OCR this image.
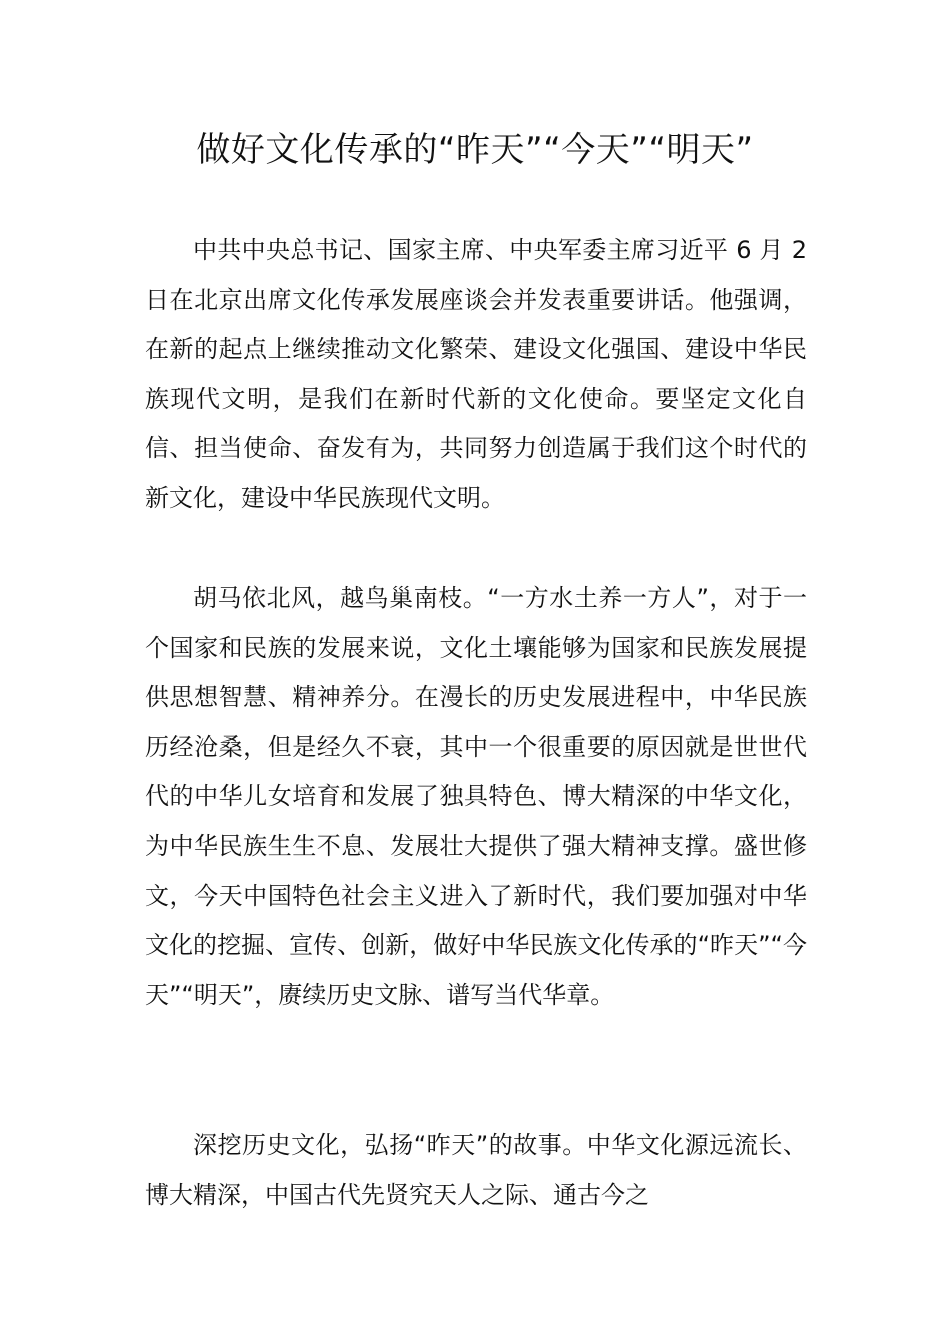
做好文化传承的“昨天”“今天”“明天”

中共中央总书记、国家主席、中央军委主席习近平 6 月 2 日在北京出席文化传承发展座谈会并发表重要讲话。他强调，在新的起点上继续推动文化繁荣、建设文化强国、建设中华民族现代文明，是我们在新时代新的文化使命。要坚定文化自信、担当使命、奋发有为，共同努力创造属于我们这个时代的新文化，建设中华民族现代文明。

胡马依北风，越鸟巢南枝。“一方水土养一方人”，对于一个国家和民族的发展来说，文化土壤能够为国家和民族发展提供思想智慧、精神养分。在漫长的历史发展进程中，中华民族历经沧桑，但是经久不衰，其中一个很重要的原因就是世世代代的中华儿女培育和发展了独具特色、博大精深的中华文化，为中华民族生生不息、发展壮大提供了强大精神支撑。盛世修文，今天中国特色社会主义进入了新时代，我们要加强对中华文化的挖掘、宣传、创新，做好中华民族文化传承的“昨天”“今天”“明天”，赓续历史文脉、谱写当代华章。

深挖历史文化，弘扬“昨天”的故事。中华文化源远流长、博大精深，中国古代先贤究天人之际、通古今之
